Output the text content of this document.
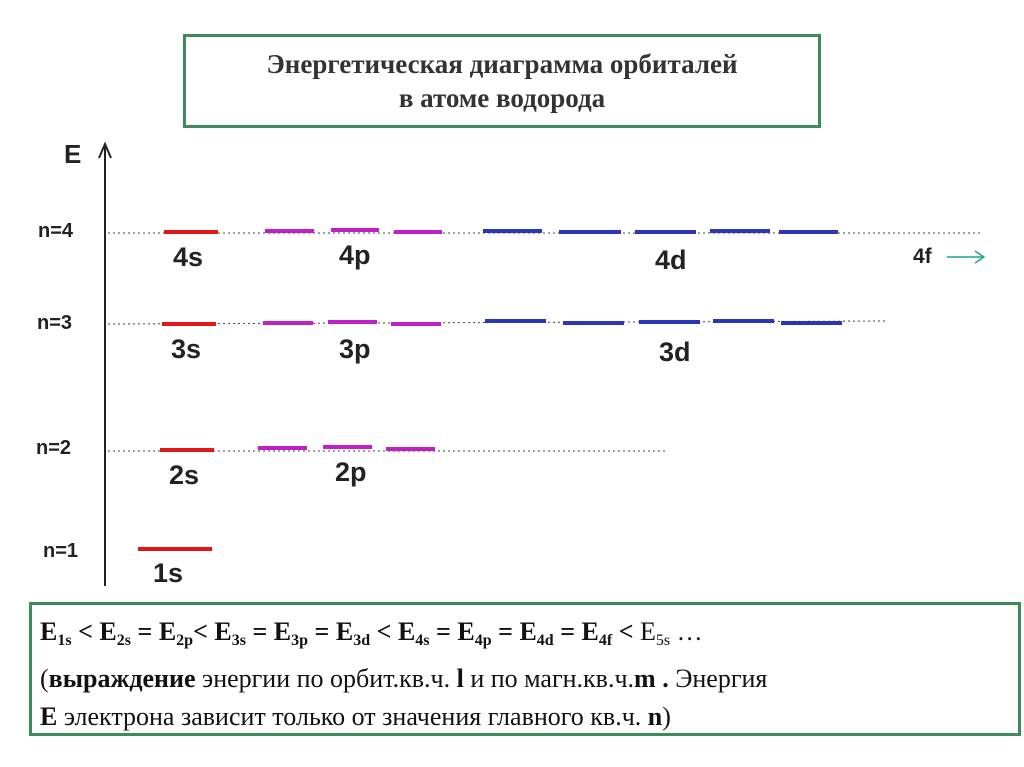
Энергетическая диаграмма орбиталей
в атоме водорода
E
n=4
n=3
n=2
n=1
4s	4p	4d	4f
3s	3p	3d
2s	2p
1s
$E_{1s} < E_{2s} = E_{2p}< E_{3s} = E_{3p} = E_{3d} < E_{4s} = E_{4p} = E_{4d} = E_{4f} < E_{5s}$ …
(выраждение энергии по орбит.кв.ч. l и по магн.кв.ч.m . Энергия
E электрона зависит только от значения главного кв.ч. n)
